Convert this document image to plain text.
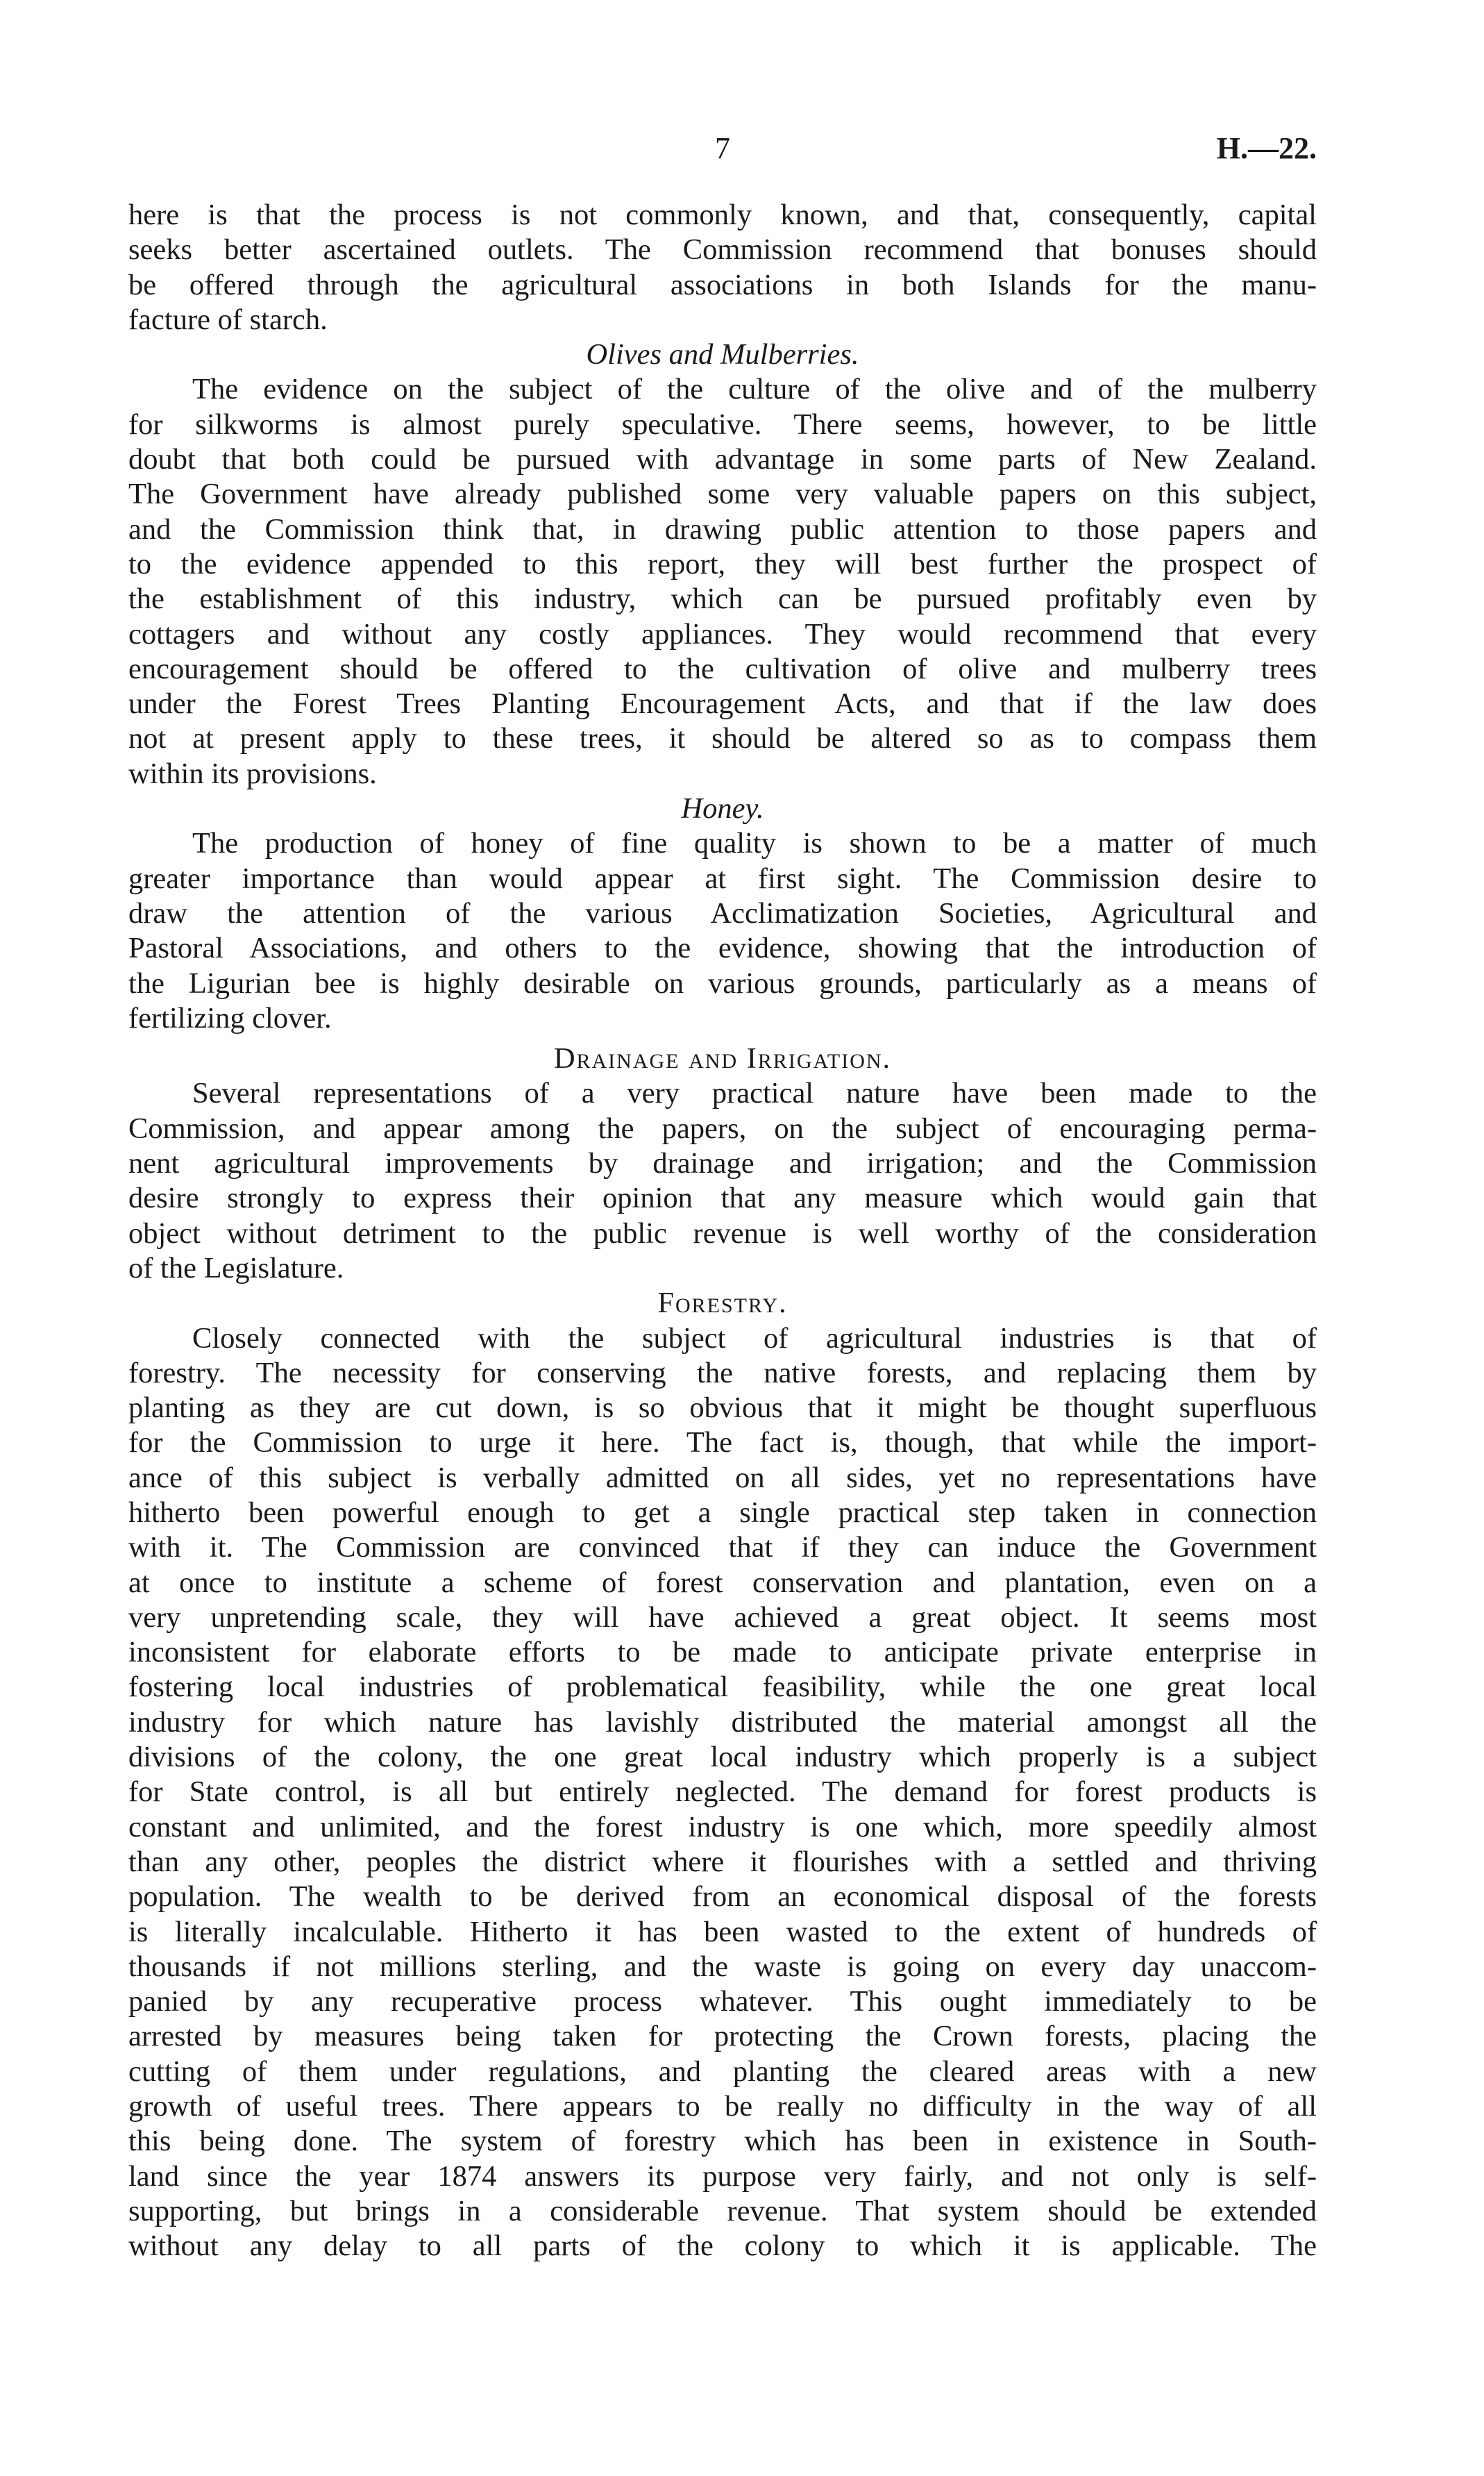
7	H.—22.
here is that the process is not commonly known, and that, consequently, capital
seeks better ascertained outlets. The Commission recommend that bonuses should
be offered through the agricultural associations in both Islands for the manu-
facture of starch.
Olives and Mulberries.
The evidence on the subject of the culture of the olive and of the mulberry
for silkworms is almost purely speculative. There seems, however, to be little
doubt that both could be pursued with advantage in some parts of New Zealand.
The Government have already published some very valuable papers on this subject,
and the Commission think that, in drawing public attention to those papers and
to the evidence appended to this report, they will best further the prospect of
the establishment of this industry, which can be pursued profitably even by
cottagers and without any costly appliances. They would recommend that every
encouragement should be offered to the cultivation of olive and mulberry trees
under the Forest Trees Planting Encouragement Acts, and that if the law does
not at present apply to these trees, it should be altered so as to compass them
within its provisions.
Honey.
The production of honey of fine quality is shown to be a matter of much
greater importance than would appear at first sight. The Commission desire to
draw the attention of the various Acclimatization Societies, Agricultural and
Pastoral Associations, and others to the evidence, showing that the introduction of
the Ligurian bee is highly desirable on various grounds, particularly as a means of
fertilizing clover.
Drainage and Irrigation.
Several representations of a very practical nature have been made to the
Commission, and appear among the papers, on the subject of encouraging perma-
nent agricultural improvements by drainage and irrigation; and the Commission
desire strongly to express their opinion that any measure which would gain that
object without detriment to the public revenue is well worthy of the consideration
of the Legislature.
Forestry.
Closely connected with the subject of agricultural industries is that of
forestry. The necessity for conserving the native forests, and replacing them by
planting as they are cut down, is so obvious that it might be thought superfluous
for the Commission to urge it here. The fact is, though, that while the import-
ance of this subject is verbally admitted on all sides, yet no representations have
hitherto been powerful enough to get a single practical step taken in connection
with it. The Commission are convinced that if they can induce the Government
at once to institute a scheme of forest conservation and plantation, even on a
very unpretending scale, they will have achieved a great object. It seems most
inconsistent for elaborate efforts to be made to anticipate private enterprise in
fostering local industries of problematical feasibility, while the one great local
industry for which nature has lavishly distributed the material amongst all the
divisions of the colony, the one great local industry which properly is a subject
for State control, is all but entirely neglected. The demand for forest products is
constant and unlimited, and the forest industry is one which, more speedily almost
than any other, peoples the district where it flourishes with a settled and thriving
population. The wealth to be derived from an economical disposal of the forests
is literally incalculable. Hitherto it has been wasted to the extent of hundreds of
thousands if not millions sterling, and the waste is going on every day unaccom-
panied by any recuperative process whatever. This ought immediately to be
arrested by measures being taken for protecting the Crown forests, placing the
cutting of them under regulations, and planting the cleared areas with a new
growth of useful trees. There appears to be really no difficulty in the way of all
this being done. The system of forestry which has been in existence in South-
land since the year 1874 answers its purpose very fairly, and not only is self-
supporting, but brings in a considerable revenue. That system should be extended
without any delay to all parts of the colony to which it is applicable. The
